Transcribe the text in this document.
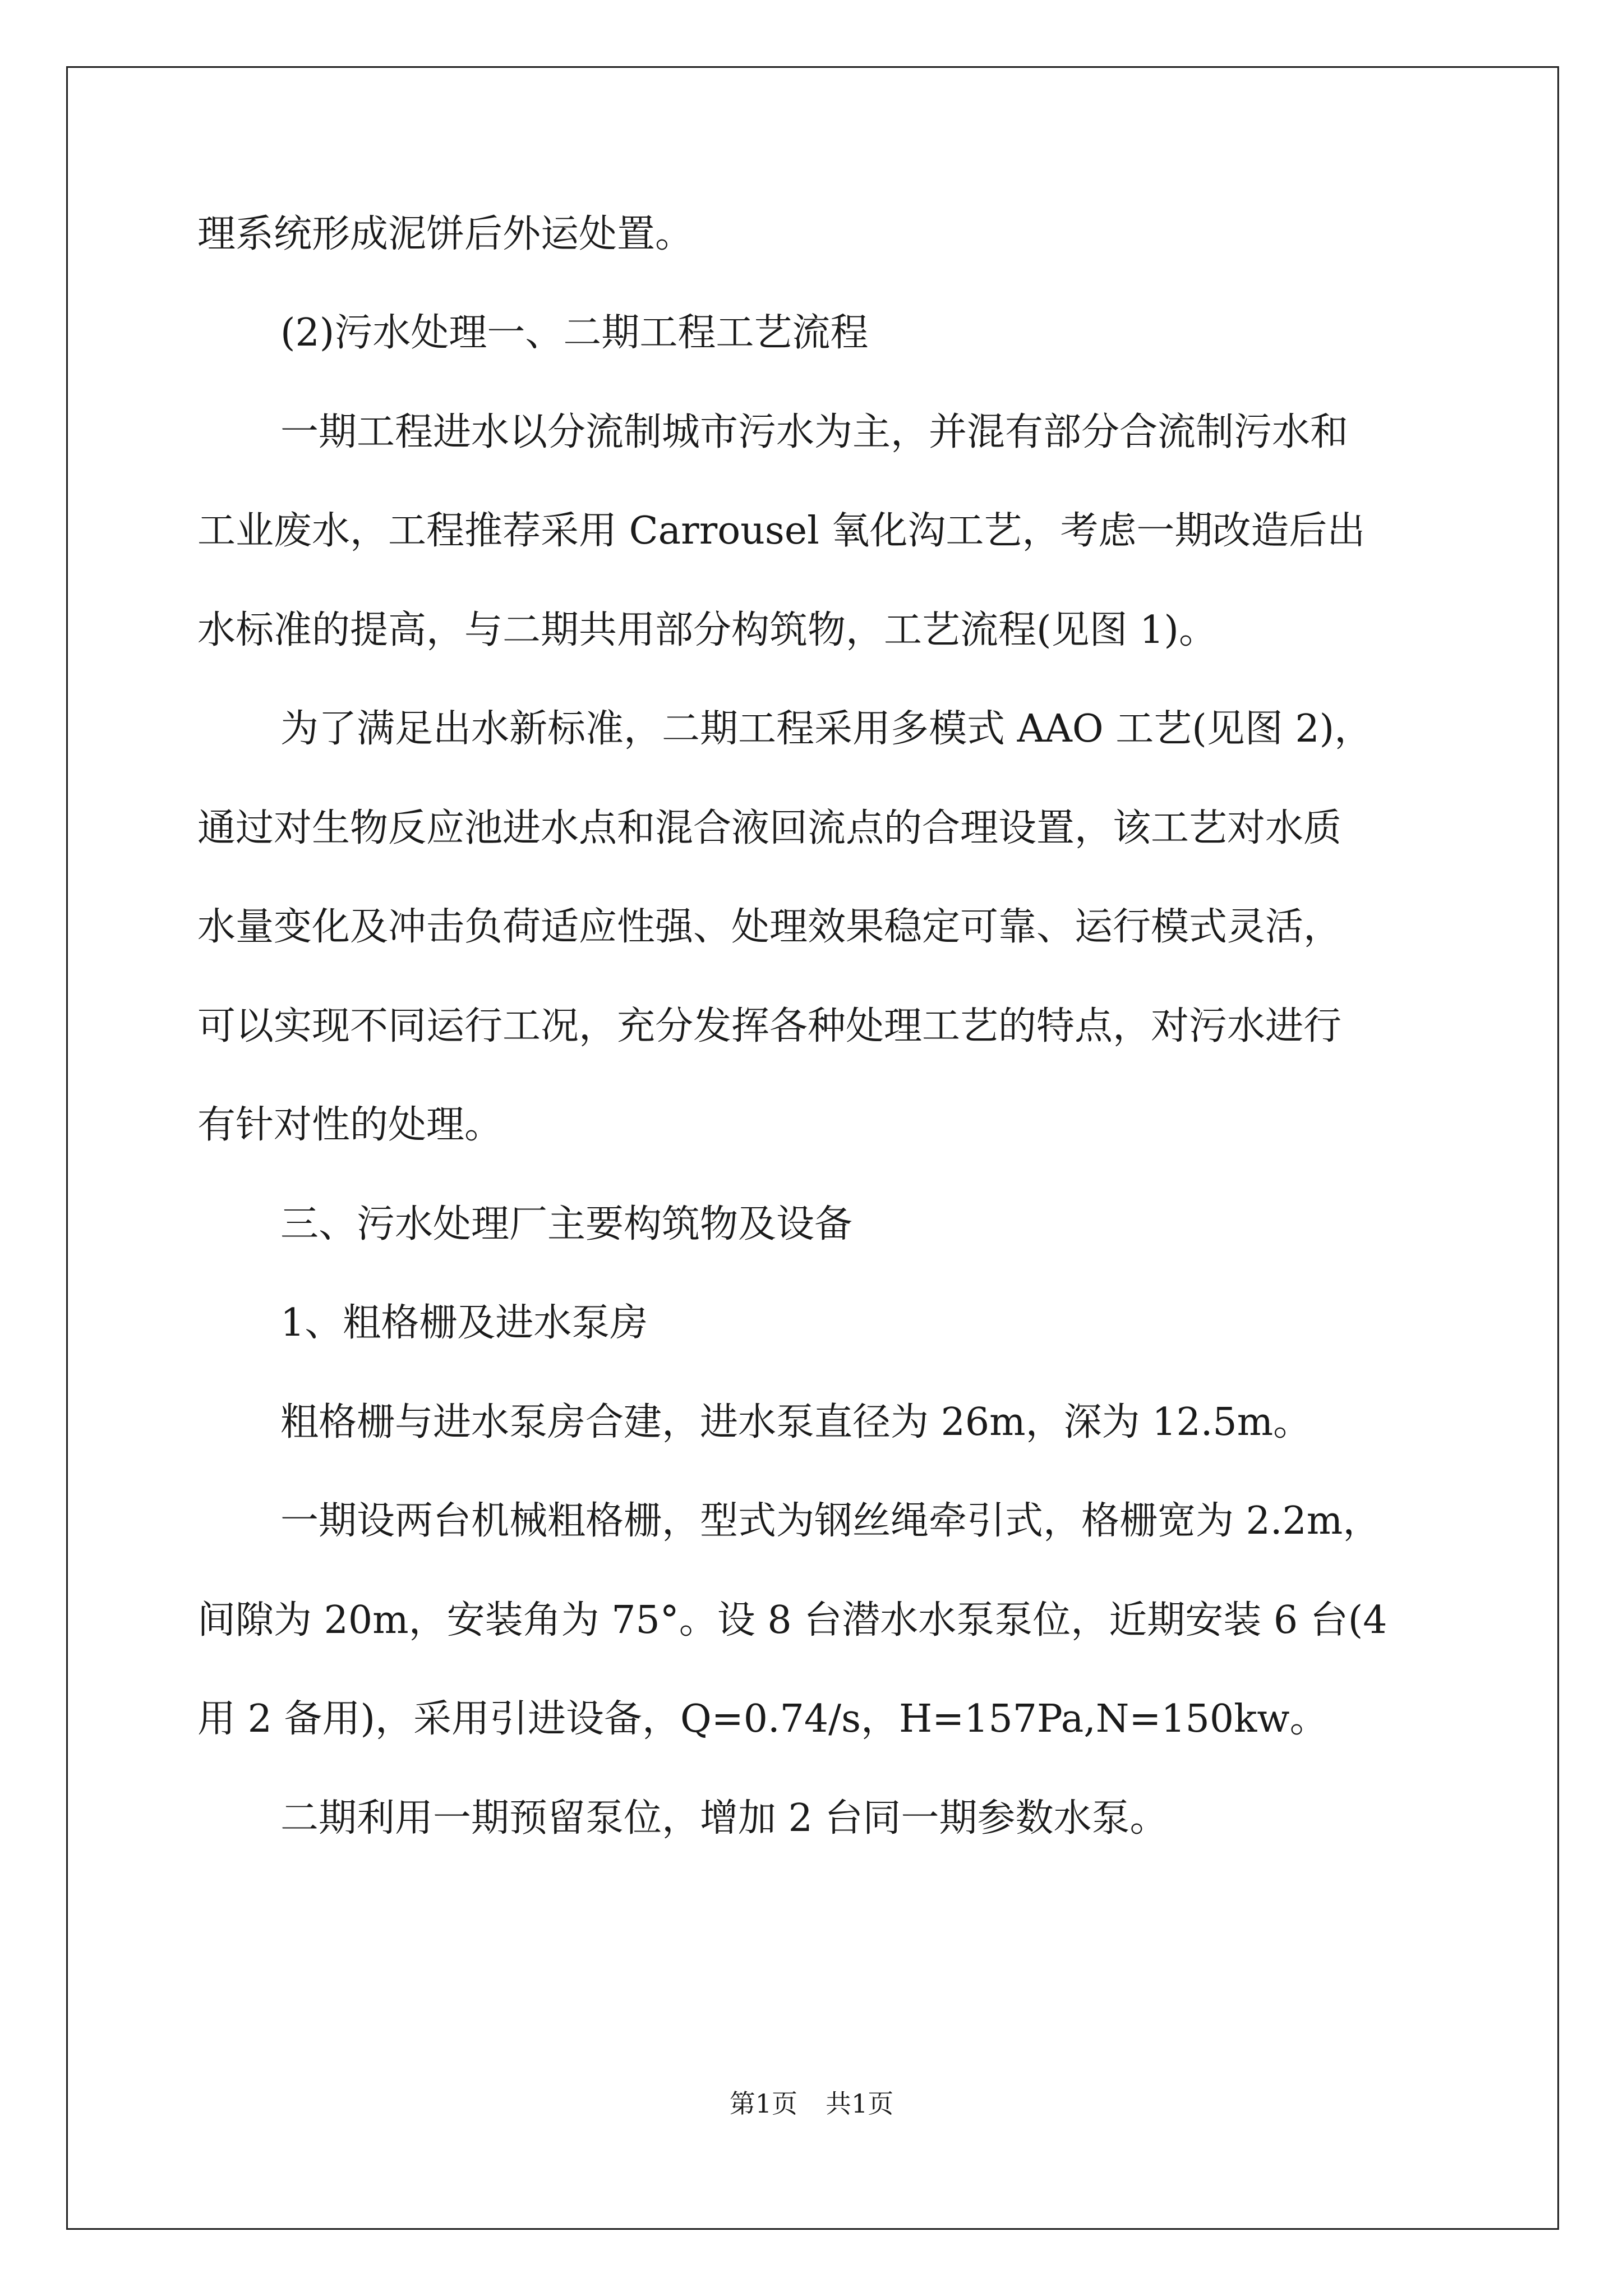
理系统形成泥饼后外运处置。
(2)污水处理一、二期工程工艺流程
一期工程进水以分流制城市污水为主，并混有部分合流制污水和
工业废水，工程推荐采用 Carrousel 氧化沟工艺，考虑一期改造后出
水标准的提高，与二期共用部分构筑物，工艺流程(见图 1)。
为了满足出水新标准，二期工程采用多模式 AAO 工艺(见图 2)，
通过对生物反应池进水点和混合液回流点的合理设置，该工艺对水质
水量变化及冲击负荷适应性强、处理效果稳定可靠、运行模式灵活，
可以实现不同运行工况，充分发挥各种处理工艺的特点，对污水进行
有针对性的处理。
三、污水处理厂主要构筑物及设备
1、粗格栅及进水泵房
粗格栅与进水泵房合建，进水泵直径为 26m，深为 12.5m。
一期设两台机械粗格栅，型式为钢丝绳牵引式，格栅宽为 2.2m，
间隙为 20m，安装角为 75°。设 8 台潜水水泵泵位，近期安装 6 台(4
用 2 备用)，采用引进设备，Q=0.74/s，H=157Pa,N=150kw。
二期利用一期预留泵位，增加 2 台同一期参数水泵。
第1页 共1页
